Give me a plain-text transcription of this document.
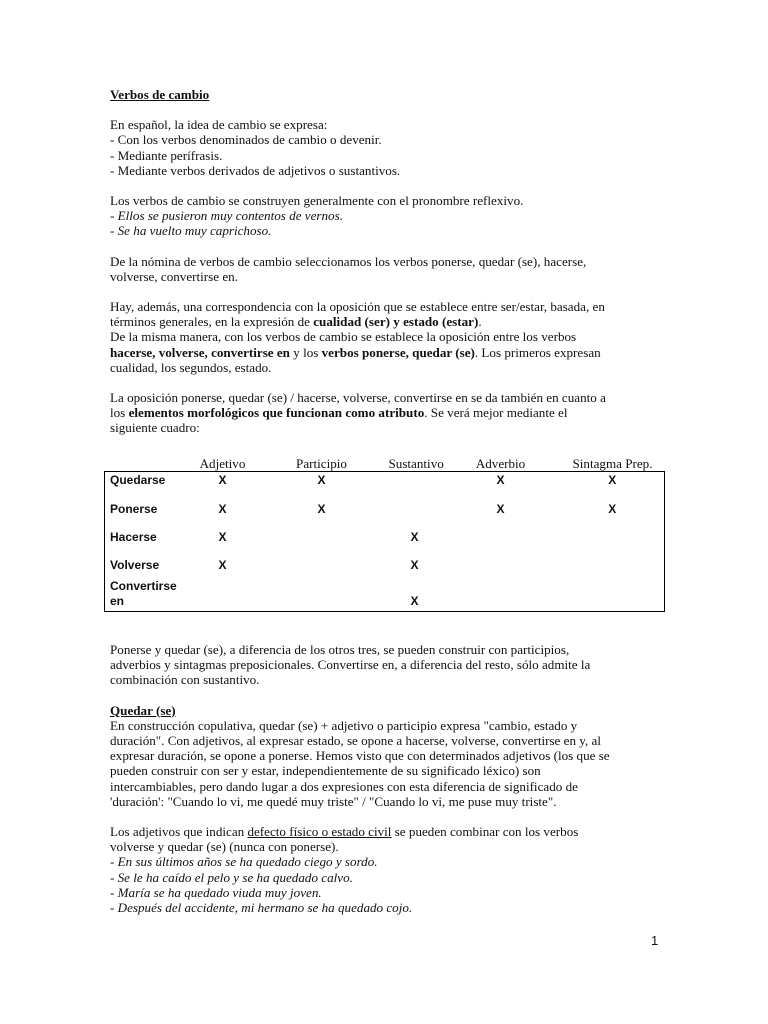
Verbos de cambio

En español, la idea de cambio se expresa:

- Con los verbos denominados de cambio o devenir.

- Mediante perífrasis.

- Mediante verbos derivados de adjetivos o sustantivos.

Los verbos de cambio se construyen generalmente con el pronombre reflexivo.

- Ellos se pusieron muy contentos de vernos.

- Se ha vuelto muy caprichoso.

De la nómina de verbos de cambio seleccionamos los verbos ponerse, quedar (se), hacerse,

volverse, convertirse en.

Hay, además, una correspondencia con la oposición que se establece entre ser/estar, basada, en

términos generales, en la expresión de cualidad (ser) y estado (estar).

De la misma manera, con los verbos de cambio se establece la oposición entre los verbos

hacerse, volverse, convertirse en y los verbos ponerse, quedar (se). Los primeros expresan

cualidad, los segundos, estado.

La oposición ponerse, quedar (se) / hacerse, volverse, convertirse en se da también en cuanto a

los elementos morfológicos que funcionan como atributo. Se verá mejor mediante el

siguiente cuadro:

	Adjetivo	Participio	Sustantivo	Adverbio	Sintagma Prep.
Quedarse	X	X		X	X
Ponerse	X	X		X	X
Hacerse	X		X		
Volverse	X		X		
Convertirse en			X		

Ponerse y quedar (se), a diferencia de los otros tres, se pueden construir con participios,

adverbios y sintagmas preposicionales. Convertirse en, a diferencia del resto, sólo admite la

combinación con sustantivo.

Quedar (se)

En construcción copulativa, quedar (se) + adjetivo o participio expresa "cambio, estado y

duración". Con adjetivos, al expresar estado, se opone a hacerse, volverse, convertirse en y, al

expresar duración, se opone a ponerse. Hemos visto que con determinados adjetivos (los que se

pueden construir con ser y estar, independientemente de su significado léxico) son

intercambiables, pero dando lugar a dos expresiones con esta diferencia de significado de

'duración': "Cuando lo vi, me quedé muy triste" / "Cuando lo vi, me puse muy triste".

Los adjetivos que indican defecto físico o estado civil se pueden combinar con los verbos

volverse y quedar (se) (nunca con ponerse).

- En sus últimos años se ha quedado ciego y sordo.

- Se le ha caído el pelo y se ha quedado calvo.

- María se ha quedado viuda muy joven.

- Después del accidente, mi hermano se ha quedado cojo.

1
